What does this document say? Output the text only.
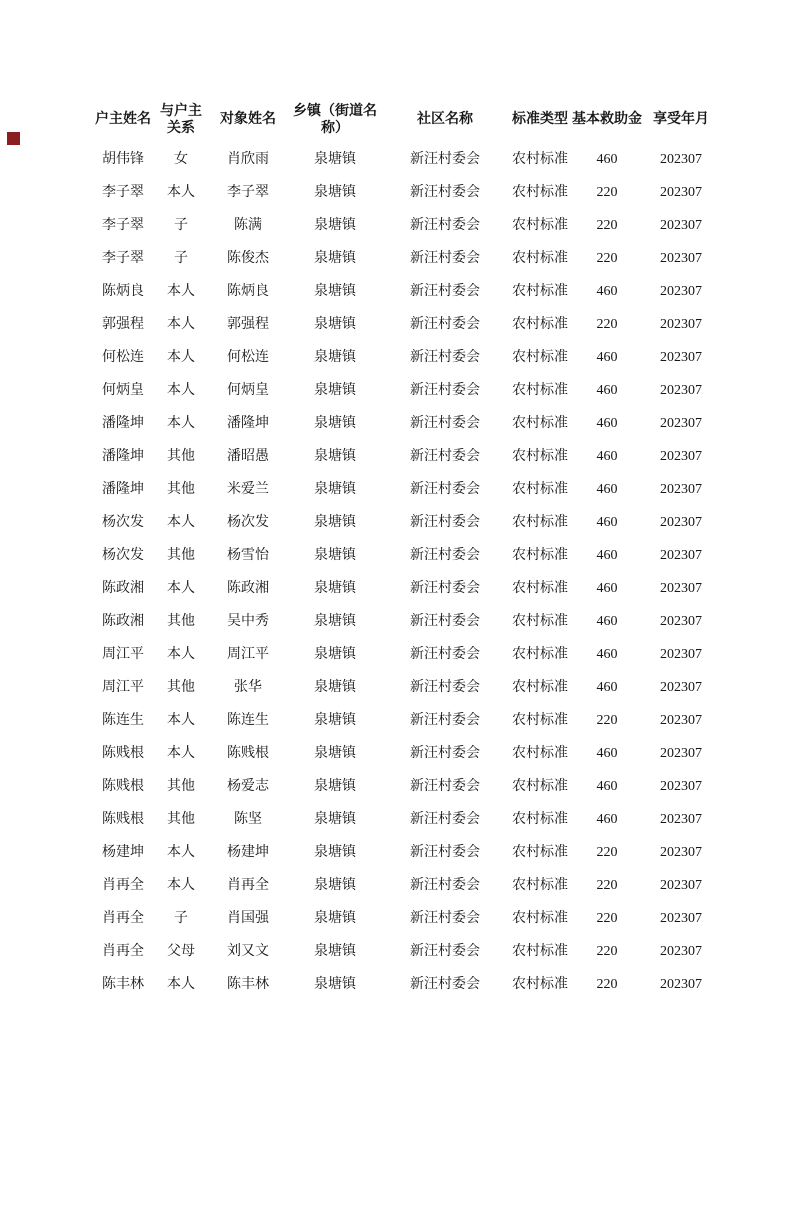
户主姓名	与户主关系	对象姓名	乡镇（街道名称）	社区名称	标准类型	基本救助金	享受年月
胡伟锋	女	肖欣雨	泉塘镇	新汪村委会	农村标准	460	202307
李子翠	本人	李子翠	泉塘镇	新汪村委会	农村标准	220	202307
李子翠	子	陈满	泉塘镇	新汪村委会	农村标准	220	202307
李子翠	子	陈俊杰	泉塘镇	新汪村委会	农村标准	220	202307
陈炳良	本人	陈炳良	泉塘镇	新汪村委会	农村标准	460	202307
郭强程	本人	郭强程	泉塘镇	新汪村委会	农村标准	220	202307
何松连	本人	何松连	泉塘镇	新汪村委会	农村标准	460	202307
何炳皇	本人	何炳皇	泉塘镇	新汪村委会	农村标准	460	202307
潘隆坤	本人	潘隆坤	泉塘镇	新汪村委会	农村标准	460	202307
潘隆坤	其他	潘昭愚	泉塘镇	新汪村委会	农村标准	460	202307
潘隆坤	其他	米爱兰	泉塘镇	新汪村委会	农村标准	460	202307
杨次发	本人	杨次发	泉塘镇	新汪村委会	农村标准	460	202307
杨次发	其他	杨雪怡	泉塘镇	新汪村委会	农村标准	460	202307
陈政湘	本人	陈政湘	泉塘镇	新汪村委会	农村标准	460	202307
陈政湘	其他	吴中秀	泉塘镇	新汪村委会	农村标准	460	202307
周江平	本人	周江平	泉塘镇	新汪村委会	农村标准	460	202307
周江平	其他	张华	泉塘镇	新汪村委会	农村标准	460	202307
陈连生	本人	陈连生	泉塘镇	新汪村委会	农村标准	220	202307
陈贱根	本人	陈贱根	泉塘镇	新汪村委会	农村标准	460	202307
陈贱根	其他	杨爱志	泉塘镇	新汪村委会	农村标准	460	202307
陈贱根	其他	陈坚	泉塘镇	新汪村委会	农村标准	460	202307
杨建坤	本人	杨建坤	泉塘镇	新汪村委会	农村标准	220	202307
肖再全	本人	肖再全	泉塘镇	新汪村委会	农村标准	220	202307
肖再全	子	肖国强	泉塘镇	新汪村委会	农村标准	220	202307
肖再全	父母	刘又文	泉塘镇	新汪村委会	农村标准	220	202307
陈丰林	本人	陈丰林	泉塘镇	新汪村委会	农村标准	220	202307
